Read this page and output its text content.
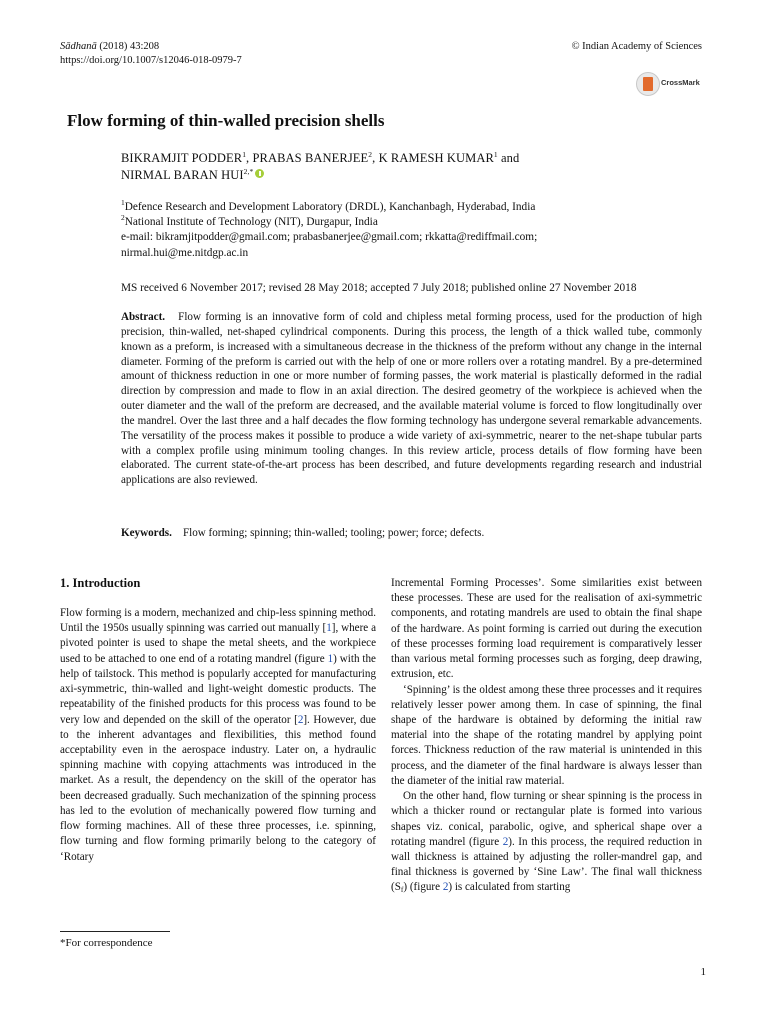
Sādhanā (2018) 43:208
https://doi.org/10.1007/s12046-018-0979-7
© Indian Academy of Sciences
CrossMark
Flow forming of thin-walled precision shells
BIKRAMJIT PODDER$^1$, PRABAS BANERJEE$^2$, K RAMESH KUMAR$^1$ and
NIRMAL BARAN $HUI^{2,*}$
$^1$Defence Research and Development Laboratory (DRDL), Kanchanbagh, Hyderabad, India
$^2$National Institute of Technology (NIT), Durgapur, India
e-mail: bikramjitpodder@gmail.com; prabasbanerjee@gmail.com; rkkatta@rediffmail.com;
nirmal.hui@me.nitdgp.ac.in
MS received 6 November 2017; revised 28 May 2018; accepted 7 July 2018; published online 27 November 2018
Abstract. Flow forming is an innovative form of cold and chipless metal forming process, used for the production of high precision, thin-walled, net-shaped cylindrical components. During this process, the length of a thick walled tube, commonly known as a preform, is increased with a simultaneous decrease in the thickness of the preform without any change in the internal diameter. Forming of the preform is carried out with the help of one or more rollers over a rotating mandrel. By a pre-determined amount of thickness reduction in one or more number of forming passes, the work material is plastically deformed in the radial direction by compression and made to flow in an axial direction. The desired geometry of the workpiece is achieved when the outer diameter and the wall of the preform are decreased, and the available material volume is forced to flow longitudinally over the mandrel. Over the last three and a half decades the flow forming technology has undergone several remarkable advancements. The versatility of the process makes it possible to produce a wide variety of axi-symmetric, nearer to the net-shape tubular parts with a complex profile using minimum tooling changes. In this review article, process details of flow forming have been elaborated. The current state-of-the-art process has been described, and future developments regarding research and industrial applications are also reviewed.
Keywords. Flow forming; spinning; thin-walled; tooling; power; force; defects.
1. Introduction

Flow forming is a modern, mechanized and chip-less spinning method. Until the 1950s usually spinning was carried out manually [1], where a pivoted pointer is used to shape the metal sheets, and the workpiece used to be attached to one end of a rotating mandrel (figure 1) with the help of tailstock. This method is popularly accepted for manufacturing axi-symmetric, thin-walled and light-weight domestic products. The repeatability of the finished products for this process was found to be very low and depended on the skill of the operator [2]. However, due to the inherent advantages and flexibilities, this method found acceptability even in the aerospace industry. Later on, a hydraulic spinning machine with copying attachments was introduced in the market. As a result, the dependency on the skill of the operator has been decreased gradually. Such mechanization of the spinning process has led to the evolution of mechanically powered flow turning and flow forming machines. All of these three processes, i.e. spinning, flow turning and flow forming primarily belong to the category of ‘Rotary

Incremental Forming Processes’. Some similarities exist between these processes. These are used for the realisation of axi-symmetric components, and rotating mandrels are used to obtain the final shape of the hardware. As point forming is carried out during the execution of these processes forming load requirement is comparatively lesser than various metal forming processes such as forging, deep drawing, extrusion, etc.

‘Spinning’ is the oldest among these three processes and it requires relatively lesser power among them. In case of spinning, the final shape of the hardware is obtained by deforming the initial raw material into the shape of the rotating mandrel by applying point forces. Thickness reduction of the raw material is unintended in this process, and the diameter of the final hardware is always lesser than the diameter of the initial raw material.

On the other hand, flow turning or shear spinning is the process in which a thicker round or rectangular plate is formed into various shapes viz. conical, parabolic, ogive, and spherical shape over a rotating mandrel (figure 2). In this process, the required reduction in wall thickness is attained by adjusting the roller-mandrel gap, and final thickness is governed by ‘Sine Law’. The final wall thickness $(S_f)$ (figure 2) is calculated from starting

*For correspondence
1
